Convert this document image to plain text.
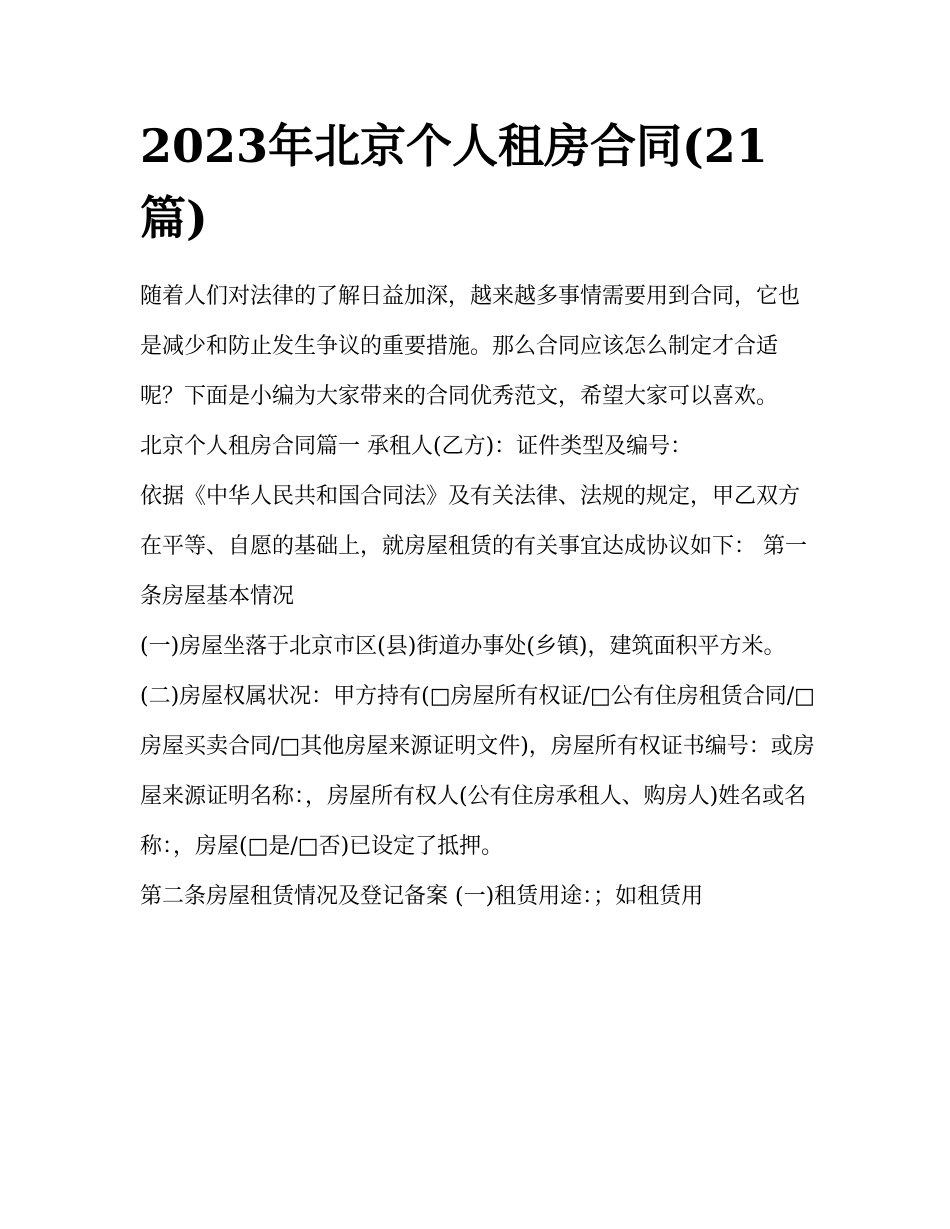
2023年北京个人租房合同(21篇)

随着人们对法律的了解日益加深，越来越多事情需要用到合同，它也是减少和防止发生争议的重要措施。那么合同应该怎么制定才合适呢？下面是小编为大家带来的合同优秀范文，希望大家可以喜欢。

北京个人租房合同篇一 承租人(乙方)：证件类型及编号：

依据《中华人民共和国合同法》及有关法律、法规的规定，甲乙双方在平等、自愿的基础上，就房屋租赁的有关事宜达成协议如下： 第一条房屋基本情况

(一)房屋坐落于北京市区(县)街道办事处(乡镇)，建筑面积平方米。

(二)房屋权属状况：甲方持有(□房屋所有权证/□公有住房租赁合同/□房屋买卖合同/□其他房屋来源证明文件)，房屋所有权证书编号：或房屋来源证明名称：，房屋所有权人(公有住房承租人、购房人)姓名或名称：，房屋(□是/□否)已设定了抵押。

第二条房屋租赁情况及登记备案 (一)租赁用途：；如租赁用
